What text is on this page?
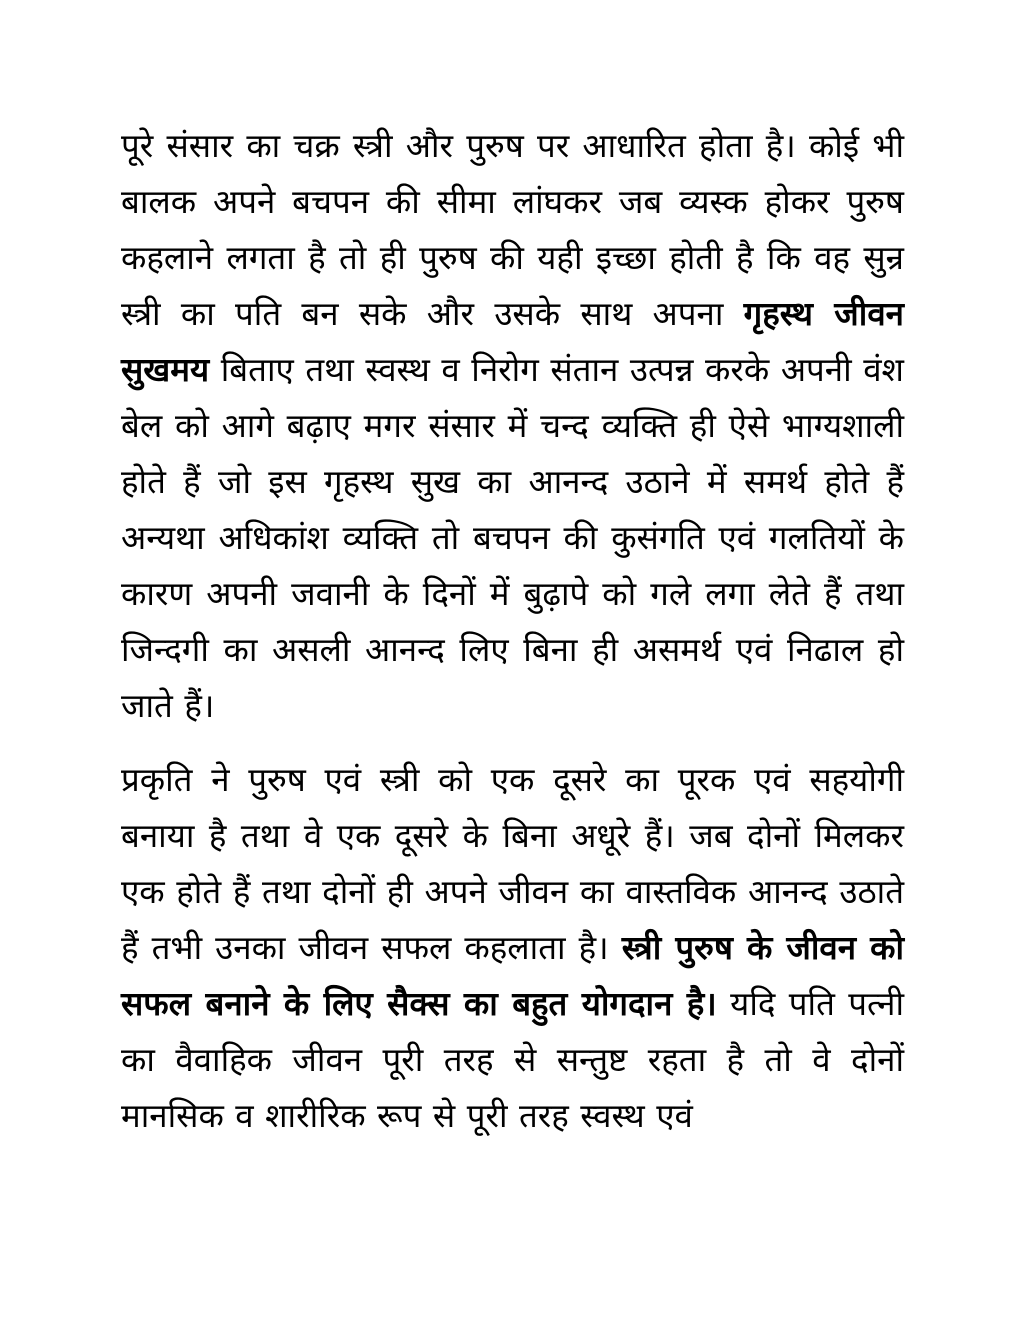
पूरे संसार का चक्र स्त्री और पुरुष पर आधारित होता है। कोई भी बालक अपने बचपन की सीमा लांघकर जब व्यस्क होकर पुरुष कहलाने लगता है तो ही पुरुष की यही इच्छा होती है कि वह सुन्र स्त्री का पति बन सके और उसके साथ अपना गृहस्थ जीवन सुखमय बिताए तथा स्वस्थ व निरोग संतान उत्पन्न करके अपनी वंश बेल को आगे बढ़ाए मगर संसार में चन्द व्यक्ति ही ऐसे भाग्यशाली होते हैं जो इस गृहस्थ सुख का आनन्द उठाने में समर्थ होते हैं अन्यथा अधिकांश व्यक्ति तो बचपन की कुसंगति एवं गलतियों के कारण अपनी जवानी के दिनों में बुढ़ापे को गले लगा लेते हैं तथा जिन्दगी का असली आनन्द लिए बिना ही असमर्थ एवं निढाल हो जाते हैं।

प्रकृति ने पुरुष एवं स्त्री को एक दूसरे का पूरक एवं सहयोगी बनाया है तथा वे एक दूसरे के बिना अधूरे हैं। जब दोनों मिलकर एक होते हैं तथा दोनों ही अपने जीवन का वास्तविक आनन्द उठाते हैं तभी उनका जीवन सफल कहलाता है। स्त्री पुरुष के जीवन को सफल बनाने के लिए सैक्स का बहुत योगदान है। यदि पति पत्नी का वैवाहिक जीवन पूरी तरह से सन्तुष्ट रहता है तो वे दोनों मानसिक व शारीरिक रूप से पूरी तरह स्वस्थ एवं
